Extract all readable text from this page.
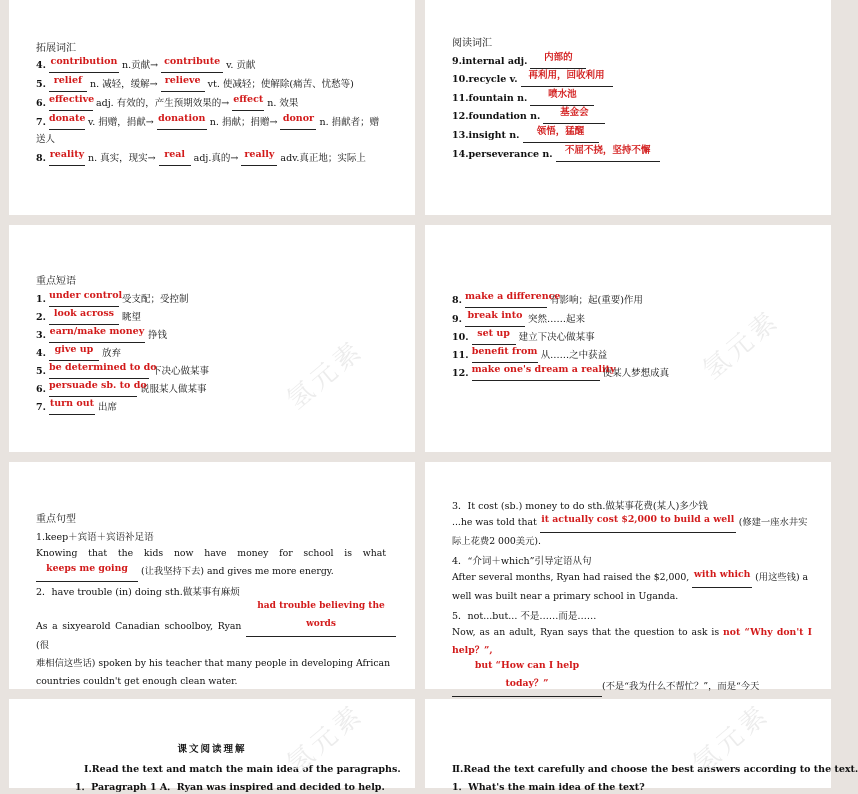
拓展词汇
4. contribution n.贡献→ contribute v. 贡献
5. relief n. 减轻，缓解→ relieve vt. 使减轻；使解除(痛苦、忧愁等)
6. effective adj. 有效的，产生预期效果的→ effect n. 效果
7. donate v. 捐赠，捐献→ donation n. 捐献；捐赠→ donor n. 捐献者；赠
送人
8. reality n. 真实，现实→ real adj.真的→ really adv.真正地；实际上
阅读词汇
9.internal adj. 内部的
10.recycle v. 再利用，回收利用
11.fountain n. 喷水池
12.foundation n. 基金会
13.insight n. 领悟，猛醒
14.perseverance n. 不屈不挠，坚持不懈
重点短语
1. under control 受支配；受控制
2. look across 眺望
3. earn/make money 挣钱
4. give up 放弃
5. be determined to do 下决心做某事
6. persuade sb. to do 说服某人做某事
7. turn out 出席	氢元素
8. make a difference 有影响；起(重要)作用
9. break into 突然……起来
10. set up 建立下决心做某事
11. benefit from 从……之中获益
12. make one's dream a reality 使某人梦想成真 氢元素
重点句型
1.keep＋宾语＋宾语补足语
Knowing that the kids now have money for school is what
keeps me going (让我坚持下去) and gives me more energy.
2．have trouble (in) doing sth.做某事有麻烦
As a sixyearold Canadian schoolboy, Ryan had trouble believing the words(很
难相信这些话) spoken by his teacher that many people in developing African
countries couldn't get enough clean water.
3．It cost (sb.) money to do sth.做某事花费(某人)多少钱
...he was told that it actually cost $2,000 to build a well (修建一座水井实
际上花费2 000美元).
4．“介词＋which”引导定语从句
After several months, Ryan had raised the $2,000, with which (用这些钱) a
well was built near a primary school in Uganda.
5．not...but... 不是……而是……
Now, as an adult, Ryan says that the question to ask is not “Why don't I help？”,
but “How can I help today？”	(不是“我为什么不帮忙？”，而是“今天
课文阅读理解
Ⅰ.Read the text and match the main idea of the paragraphs.
1．Paragraph 1 A．Ryan was inspired and decided to help.
氢元素	Ⅱ.Read the text carefully and choose the best answers according to the text.
1．What's the main idea of the text?
氢元素
